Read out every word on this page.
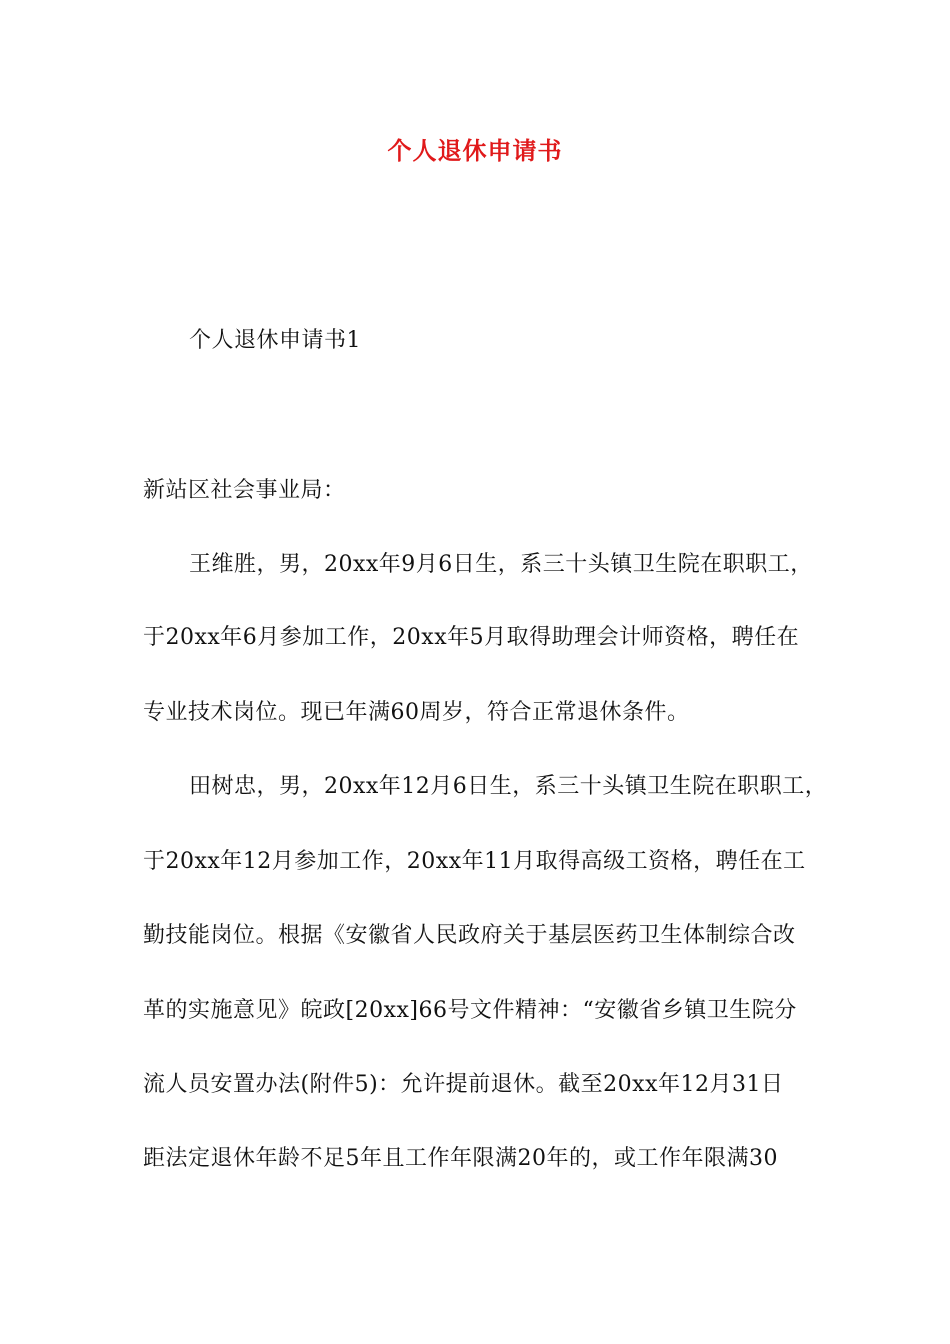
个人退休申请书
个人退休申请书1
新站区社会事业局：
王维胜，男，20xx年9月6日生，系三十头镇卫生院在职职工，
于20xx年6月参加工作，20xx年5月取得助理会计师资格，聘任在
专业技术岗位。现已年满60周岁，符合正常退休条件。
田树忠，男，20xx年12月6日生，系三十头镇卫生院在职职工，
于20xx年12月参加工作，20xx年11月取得高级工资格，聘任在工
勤技能岗位。根据《安徽省人民政府关于基层医药卫生体制综合改
革的实施意见》皖政[20xx]66号文件精神：“安徽省乡镇卫生院分
流人员安置办法(附件5)：允许提前退休。截至20xx年12月31日
距法定退休年龄不足5年且工作年限满20年的，或工作年限满30
